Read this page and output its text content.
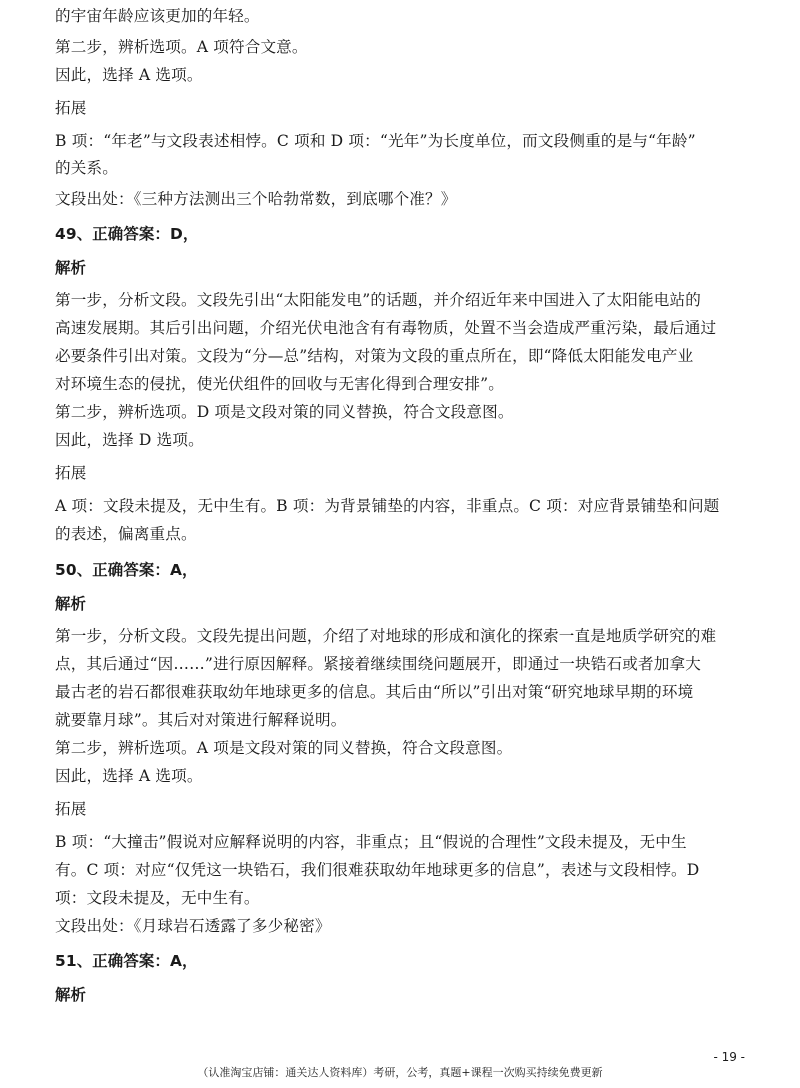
的宇宙年龄应该更加的年轻。
第二步，辨析选项。A 项符合文意。
因此，选择 A 选项。
拓展
B 项：“年老”与文段表述相悖。C 项和 D 项：“光年”为长度单位，而文段侧重的是与“年龄”
的关系。
文段出处：《三种方法测出三个哈勃常数，到底哪个准？》
49、正确答案：D，
解析
第一步，分析文段。文段先引出“太阳能发电”的话题，并介绍近年来中国进入了太阳能电站的
高速发展期。其后引出问题，介绍光伏电池含有有毒物质，处置不当会造成严重污染，最后通过
必要条件引出对策。文段为“分—总”结构，对策为文段的重点所在，即“降低太阳能发电产业
对环境生态的侵扰，使光伏组件的回收与无害化得到合理安排”。
第二步，辨析选项。D 项是文段对策的同义替换，符合文段意图。
因此，选择 D 选项。
拓展
A 项：文段未提及，无中生有。B 项：为背景铺垫的内容，非重点。C 项：对应背景铺垫和问题
的表述，偏离重点。
50、正确答案：A，
解析
第一步，分析文段。文段先提出问题，介绍了对地球的形成和演化的探索一直是地质学研究的难
点，其后通过“因……”进行原因解释。紧接着继续围绕问题展开，即通过一块锆石或者加拿大
最古老的岩石都很难获取幼年地球更多的信息。其后由“所以”引出对策“研究地球早期的环境
就要靠月球”。其后对对策进行解释说明。
第二步，辨析选项。A 项是文段对策的同义替换，符合文段意图。
因此，选择 A 选项。
拓展
B 项：“大撞击”假说对应解释说明的内容，非重点；且“假说的合理性”文段未提及，无中生
有。C 项：对应“仅凭这一块锆石，我们很难获取幼年地球更多的信息”，表述与文段相悖。D
项：文段未提及，无中生有。
文段出处：《月球岩石透露了多少秘密》
51、正确答案：A，
解析
- 19 -
（认准淘宝店铺：通关达人资料库）考研，公考，真题+课程一次购买持续免费更新
